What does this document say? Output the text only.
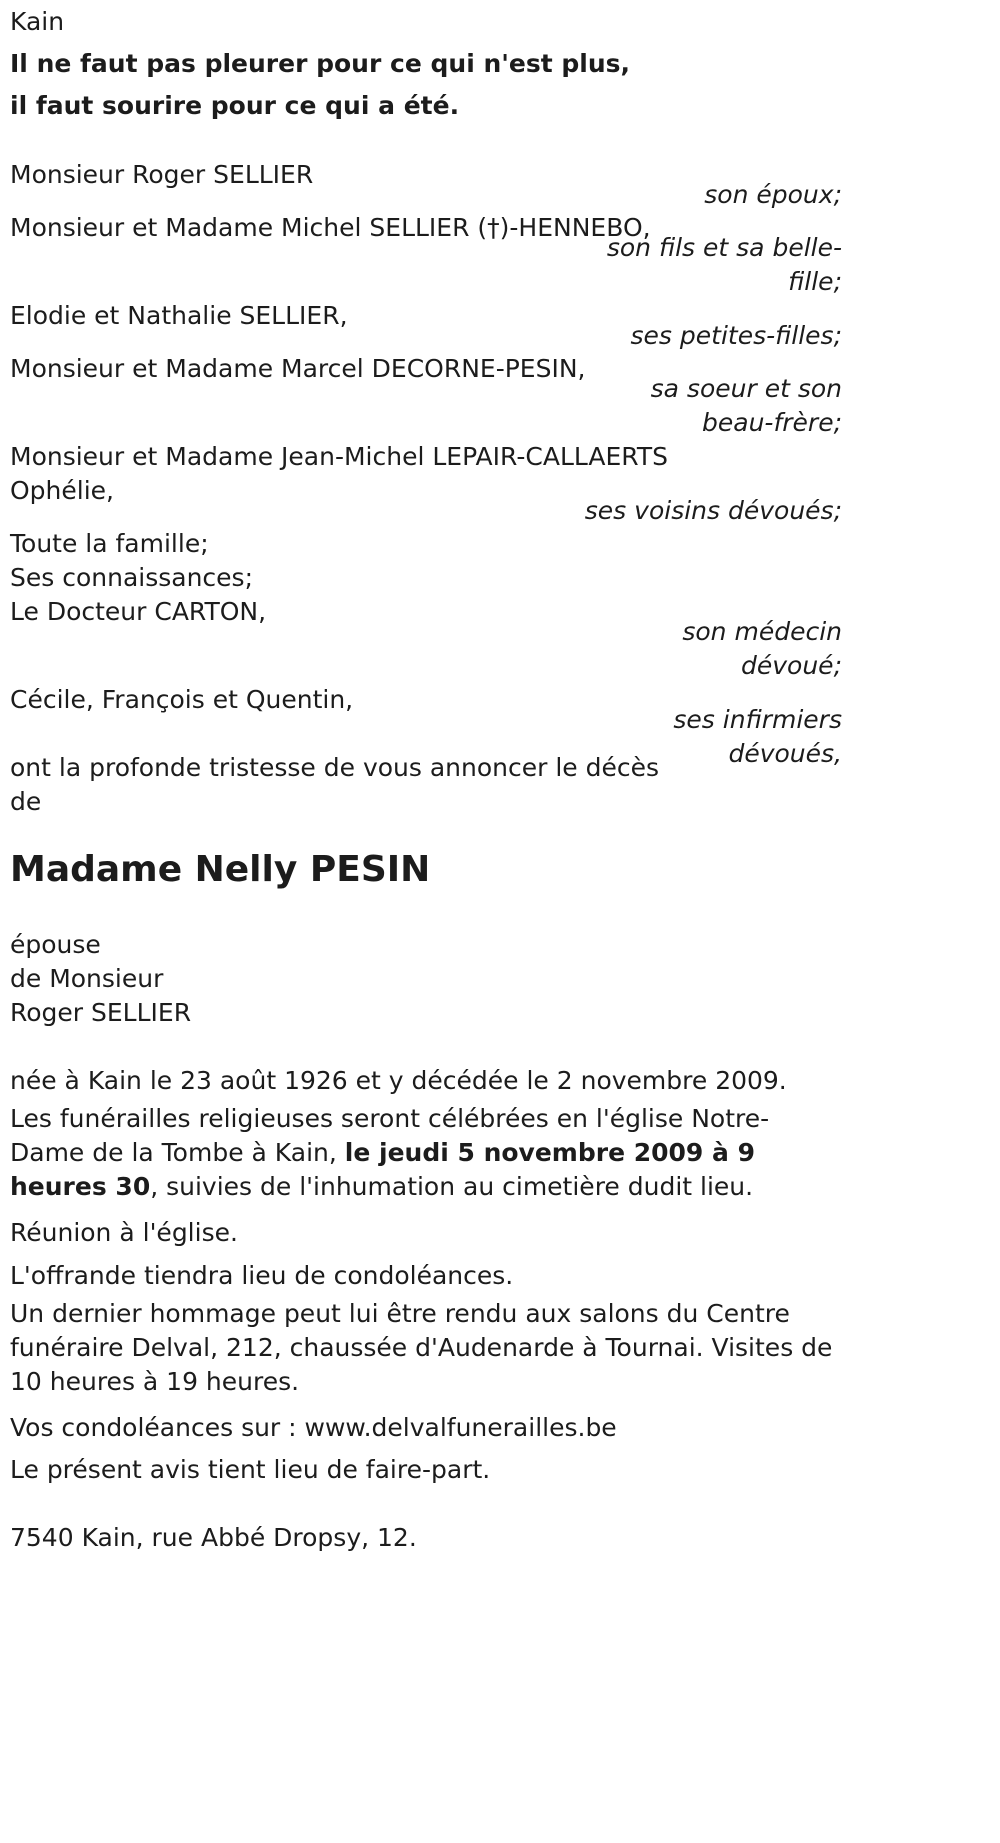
Kain

Il ne faut pas pleurer pour ce qui n'est plus,

il faut sourire pour ce qui a été.

Monsieur Roger SELLIER

son époux;

Monsieur et Madame Michel SELLIER (†)-HENNEBO,

son fils et sa belle-

fille;

Elodie et Nathalie SELLIER,

ses petites-filles;

Monsieur et Madame Marcel DECORNE-PESIN,

sa soeur et son

beau-frère;

Monsieur et Madame Jean-Michel LEPAIR-CALLAERTS

Ophélie,

ses voisins dévoués;

Toute la famille;

Ses connaissances;

Le Docteur CARTON,

son médecin

dévoué;

Cécile, François et Quentin,

ses infirmiers

dévoués,

ont la profonde tristesse de vous annoncer le décès

de

Madame Nelly PESIN

épouse

de Monsieur

Roger SELLIER

née à Kain le 23 août 1926 et y décédée le 2 novembre 2009.

Les funérailles religieuses seront célébrées en l'église Notre-Dame de la Tombe à Kain, le jeudi 5 novembre 2009 à 9 heures 30, suivies de l'inhumation au cimetière dudit lieu.

Réunion à l'église.

L'offrande tiendra lieu de condoléances.

Un dernier hommage peut lui être rendu aux salons du Centre funéraire Delval, 212, chaussée d'Audenarde à Tournai. Visites de 10 heures à 19 heures.

Vos condoléances sur : www.delvalfunerailles.be

Le présent avis tient lieu de faire-part.

7540 Kain, rue Abbé Dropsy, 12.
